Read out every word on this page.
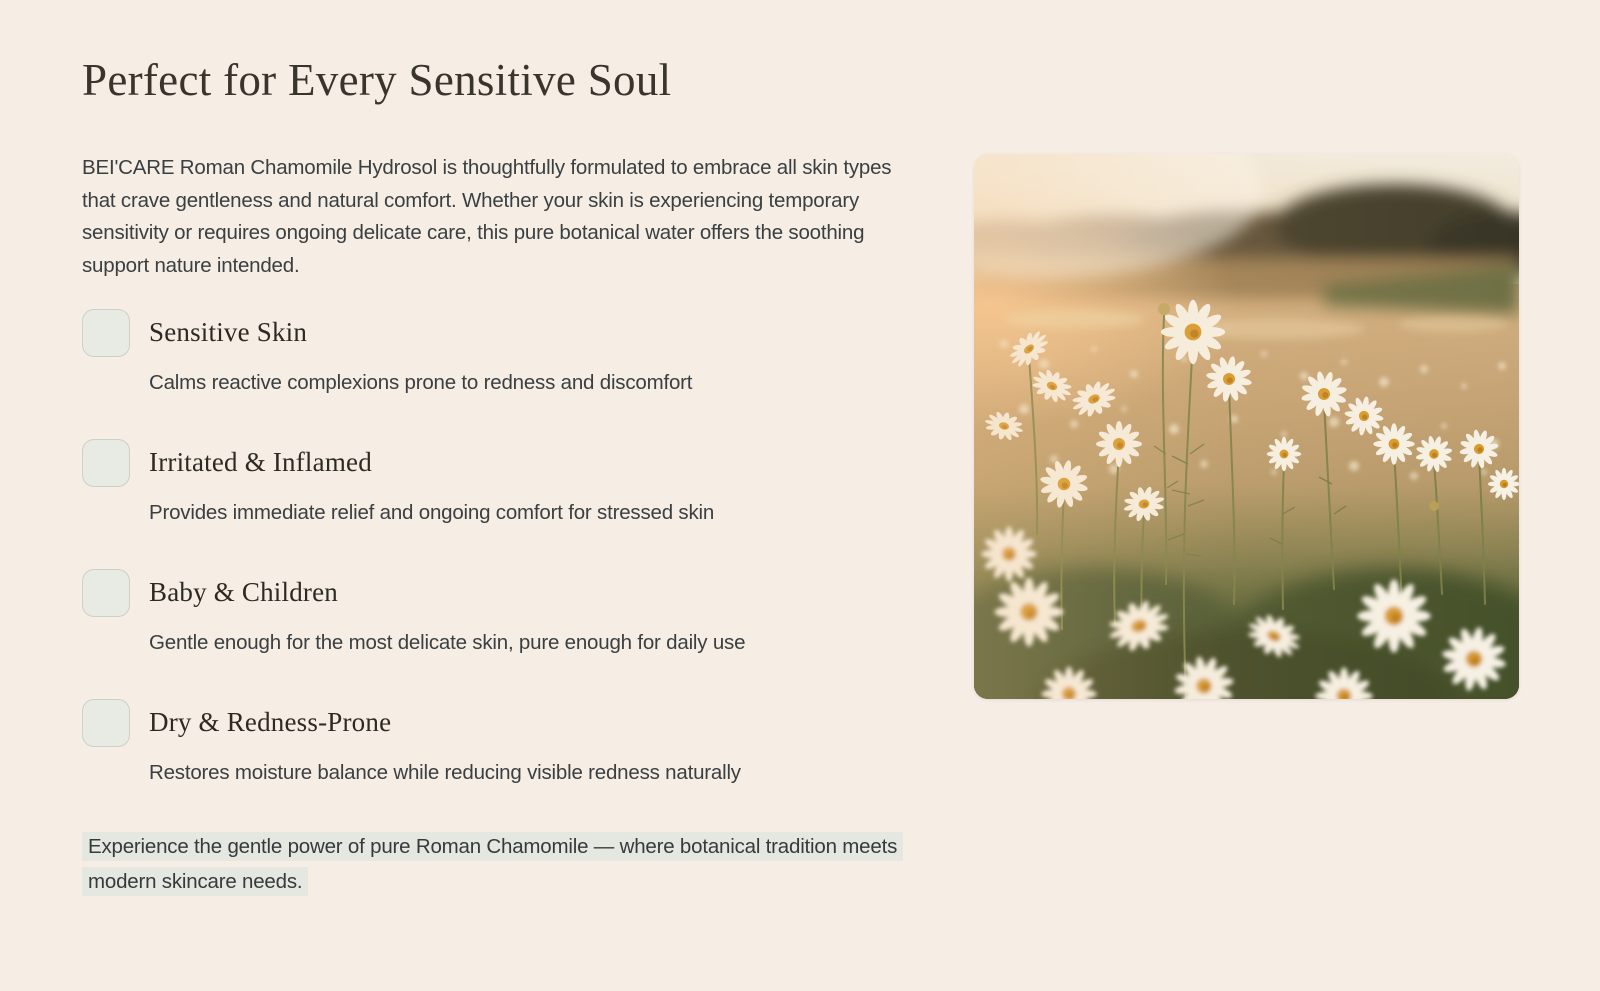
Perfect for Every Sensitive Soul

BEI'CARE Roman Chamomile Hydrosol is thoughtfully formulated to embrace all skin types that crave gentleness and natural comfort. Whether your skin is experiencing temporary sensitivity or requires ongoing delicate care, this pure botanical water offers the soothing support nature intended.

Sensitive Skin
Calms reactive complexions prone to redness and discomfort
Irritated & Inflamed
Provides immediate relief and ongoing comfort for stressed skin
Baby & Children
Gentle enough for the most delicate skin, pure enough for daily use
Dry & Redness-Prone
Restores moisture balance while reducing visible redness naturally

Experience the gentle power of pure Roman Chamomile — where botanical tradition meets modern skincare needs.
